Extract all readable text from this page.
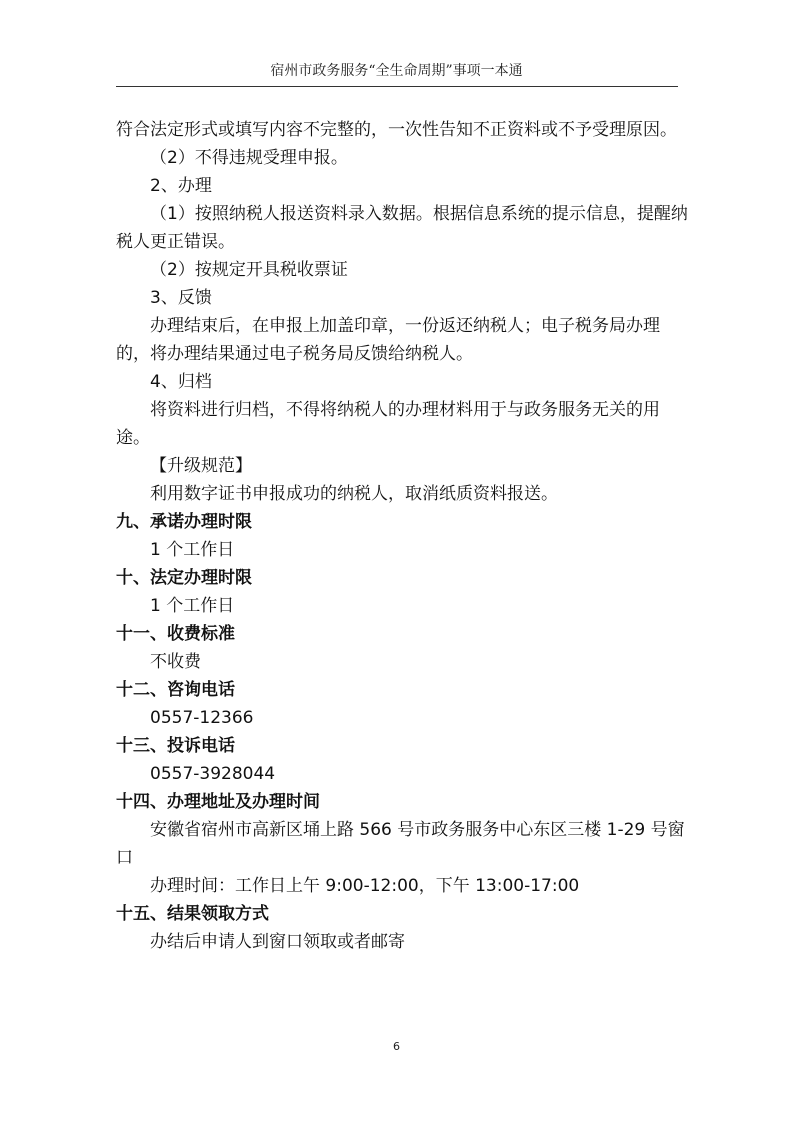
宿州市政务服务“全生命周期”事项一本通

符合法定形式或填写内容不完整的，一次性告知不正资料或不予受理原因。

（2）不得违规受理申报。

2、办理

（1）按照纳税人报送资料录入数据。根据信息系统的提示信息，提醒纳税人更正错误。

（2）按规定开具税收票证

3、反馈

办理结束后，在申报上加盖印章，一份返还纳税人；电子税务局办理的，将办理结果通过电子税务局反馈给纳税人。

4、归档

将资料进行归档，不得将纳税人的办理材料用于与政务服务无关的用途。

【升级规范】

利用数字证书申报成功的纳税人，取消纸质资料报送。

九、承诺办理时限

1 个工作日

十、法定办理时限

1 个工作日

十一、收费标准

不收费

十二、咨询电话

0557-12366

十三、投诉电话

0557-3928044

十四、办理地址及办理时间

安徽省宿州市高新区埇上路 566 号市政务服务中心东区三楼 1-29 号窗口

办理时间：工作日上午 9:00-12:00，下午 13:00-17:00

十五、结果领取方式

办结后申请人到窗口领取或者邮寄

6
